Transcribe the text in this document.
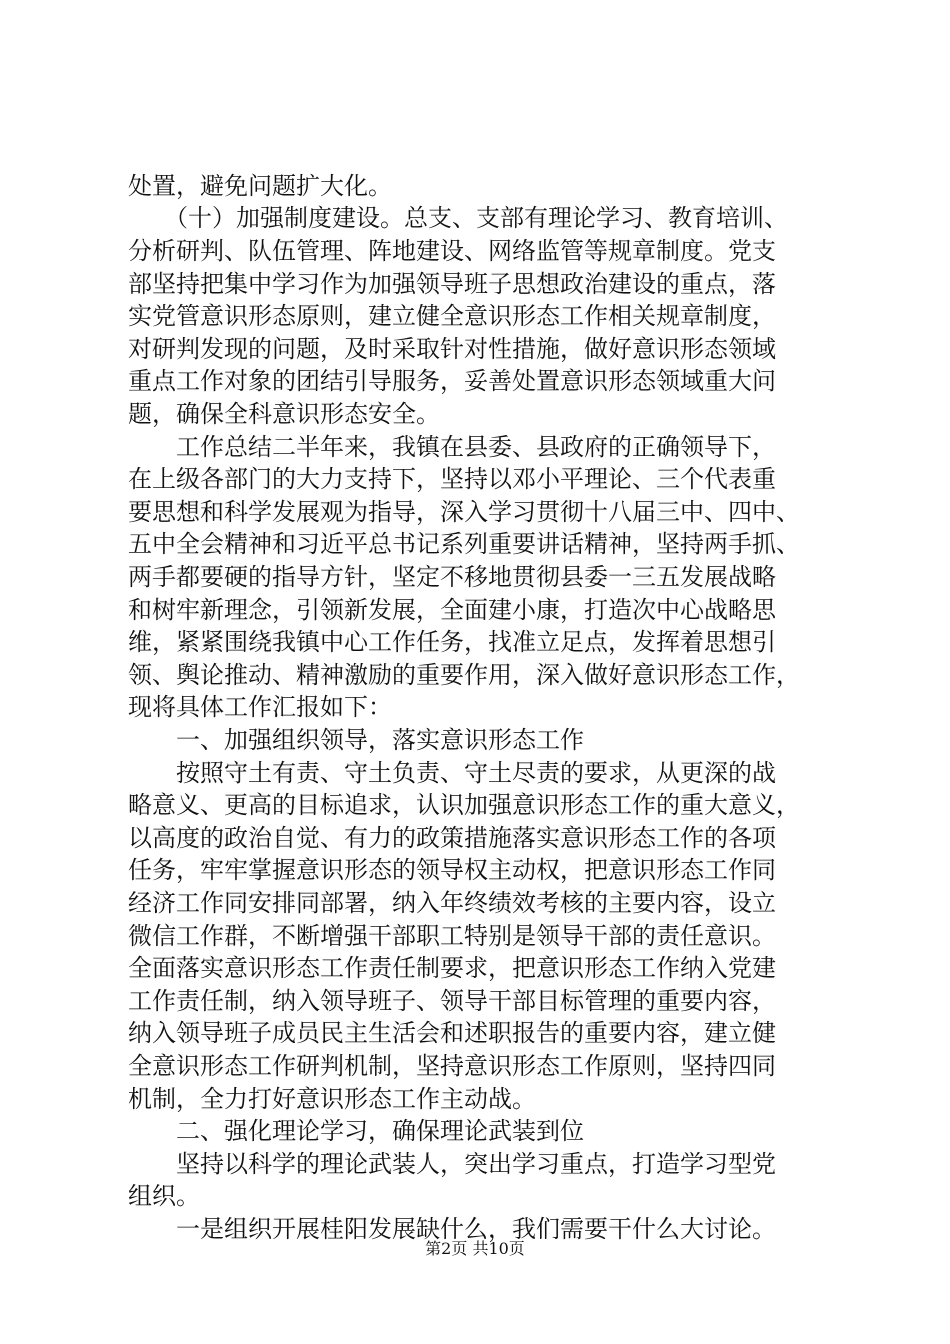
处置，避免问题扩大化。

　　（十）加强制度建设。总支、支部有理论学习、教育培训、

分析研判、队伍管理、阵地建设、网络监管等规章制度。党支

部坚持把集中学习作为加强领导班子思想政治建设的重点，落

实党管意识形态原则，建立健全意识形态工作相关规章制度，

对研判发现的问题，及时采取针对性措施，做好意识形态领域

重点工作对象的团结引导服务，妥善处置意识形态领域重大问

题，确保全科意识形态安全。

　　工作总结二半年来，我镇在县委、县政府的正确领导下，

在上级各部门的大力支持下，坚持以邓小平理论、三个代表重

要思想和科学发展观为指导，深入学习贯彻十八届三中、四中、

五中全会精神和习近平总书记系列重要讲话精神，坚持两手抓、

两手都要硬的指导方针，坚定不移地贯彻县委一三五发展战略

和树牢新理念，引领新发展，全面建小康，打造次中心战略思

维，紧紧围绕我镇中心工作任务，找准立足点，发挥着思想引

领、舆论推动、精神激励的重要作用，深入做好意识形态工作，

现将具体工作汇报如下：

　　一、加强组织领导，落实意识形态工作

　　按照守土有责、守土负责、守土尽责的要求，从更深的战

略意义、更高的目标追求，认识加强意识形态工作的重大意义，

以高度的政治自觉、有力的政策措施落实意识形态工作的各项

任务，牢牢掌握意识形态的领导权主动权，把意识形态工作同

经济工作同安排同部署，纳入年终绩效考核的主要内容，设立

微信工作群，不断增强干部职工特别是领导干部的责任意识。

全面落实意识形态工作责任制要求，把意识形态工作纳入党建

工作责任制，纳入领导班子、领导干部目标管理的重要内容，

纳入领导班子成员民主生活会和述职报告的重要内容，建立健

全意识形态工作研判机制，坚持意识形态工作原则，坚持四同

机制，全力打好意识形态工作主动战。

　　二、强化理论学习，确保理论武装到位

　　坚持以科学的理论武装人，突出学习重点，打造学习型党

组织。

　　一是组织开展桂阳发展缺什么，我们需要干什么大讨论。

第2页 共10页
